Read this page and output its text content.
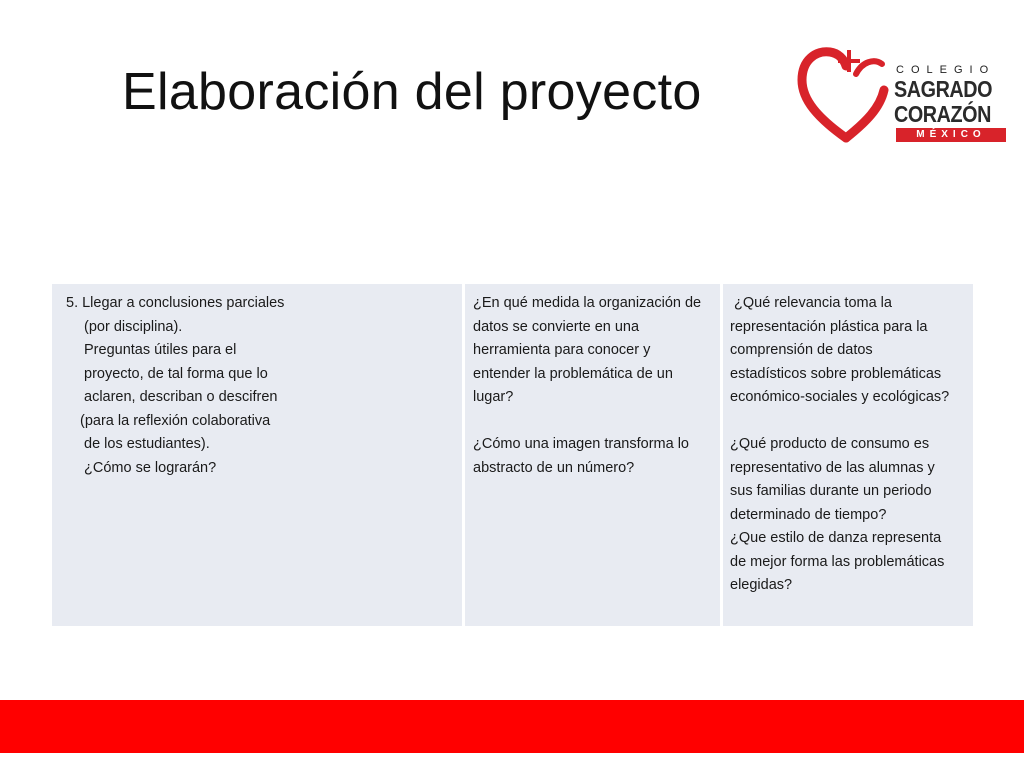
Elaboración del proyecto	COLEGIO
SAGRADO
CORAZÓN
MÉXICO
5. Llegar a conclusiones parciales
(por disciplina).
Preguntas útiles para el
proyecto, de tal forma que lo
aclaren, describan o descifren
(para la reflexión colaborativa
de los estudiantes).
¿Cómo se lograrán?
¿En qué medida la organización de
datos se convierte en una
herramienta para conocer y
entender la problemática de un
lugar?
¿Cómo una imagen transforma lo
abstracto de un número?
¿Qué relevancia toma la
representación plástica para la
comprensión de datos
estadísticos sobre problemáticas
económico-sociales y ecológicas?
¿Qué producto de consumo es
representativo de las alumnas y
sus familias durante un periodo
determinado de tiempo?
¿Que estilo de danza representa
de mejor forma las problemáticas
elegidas?
